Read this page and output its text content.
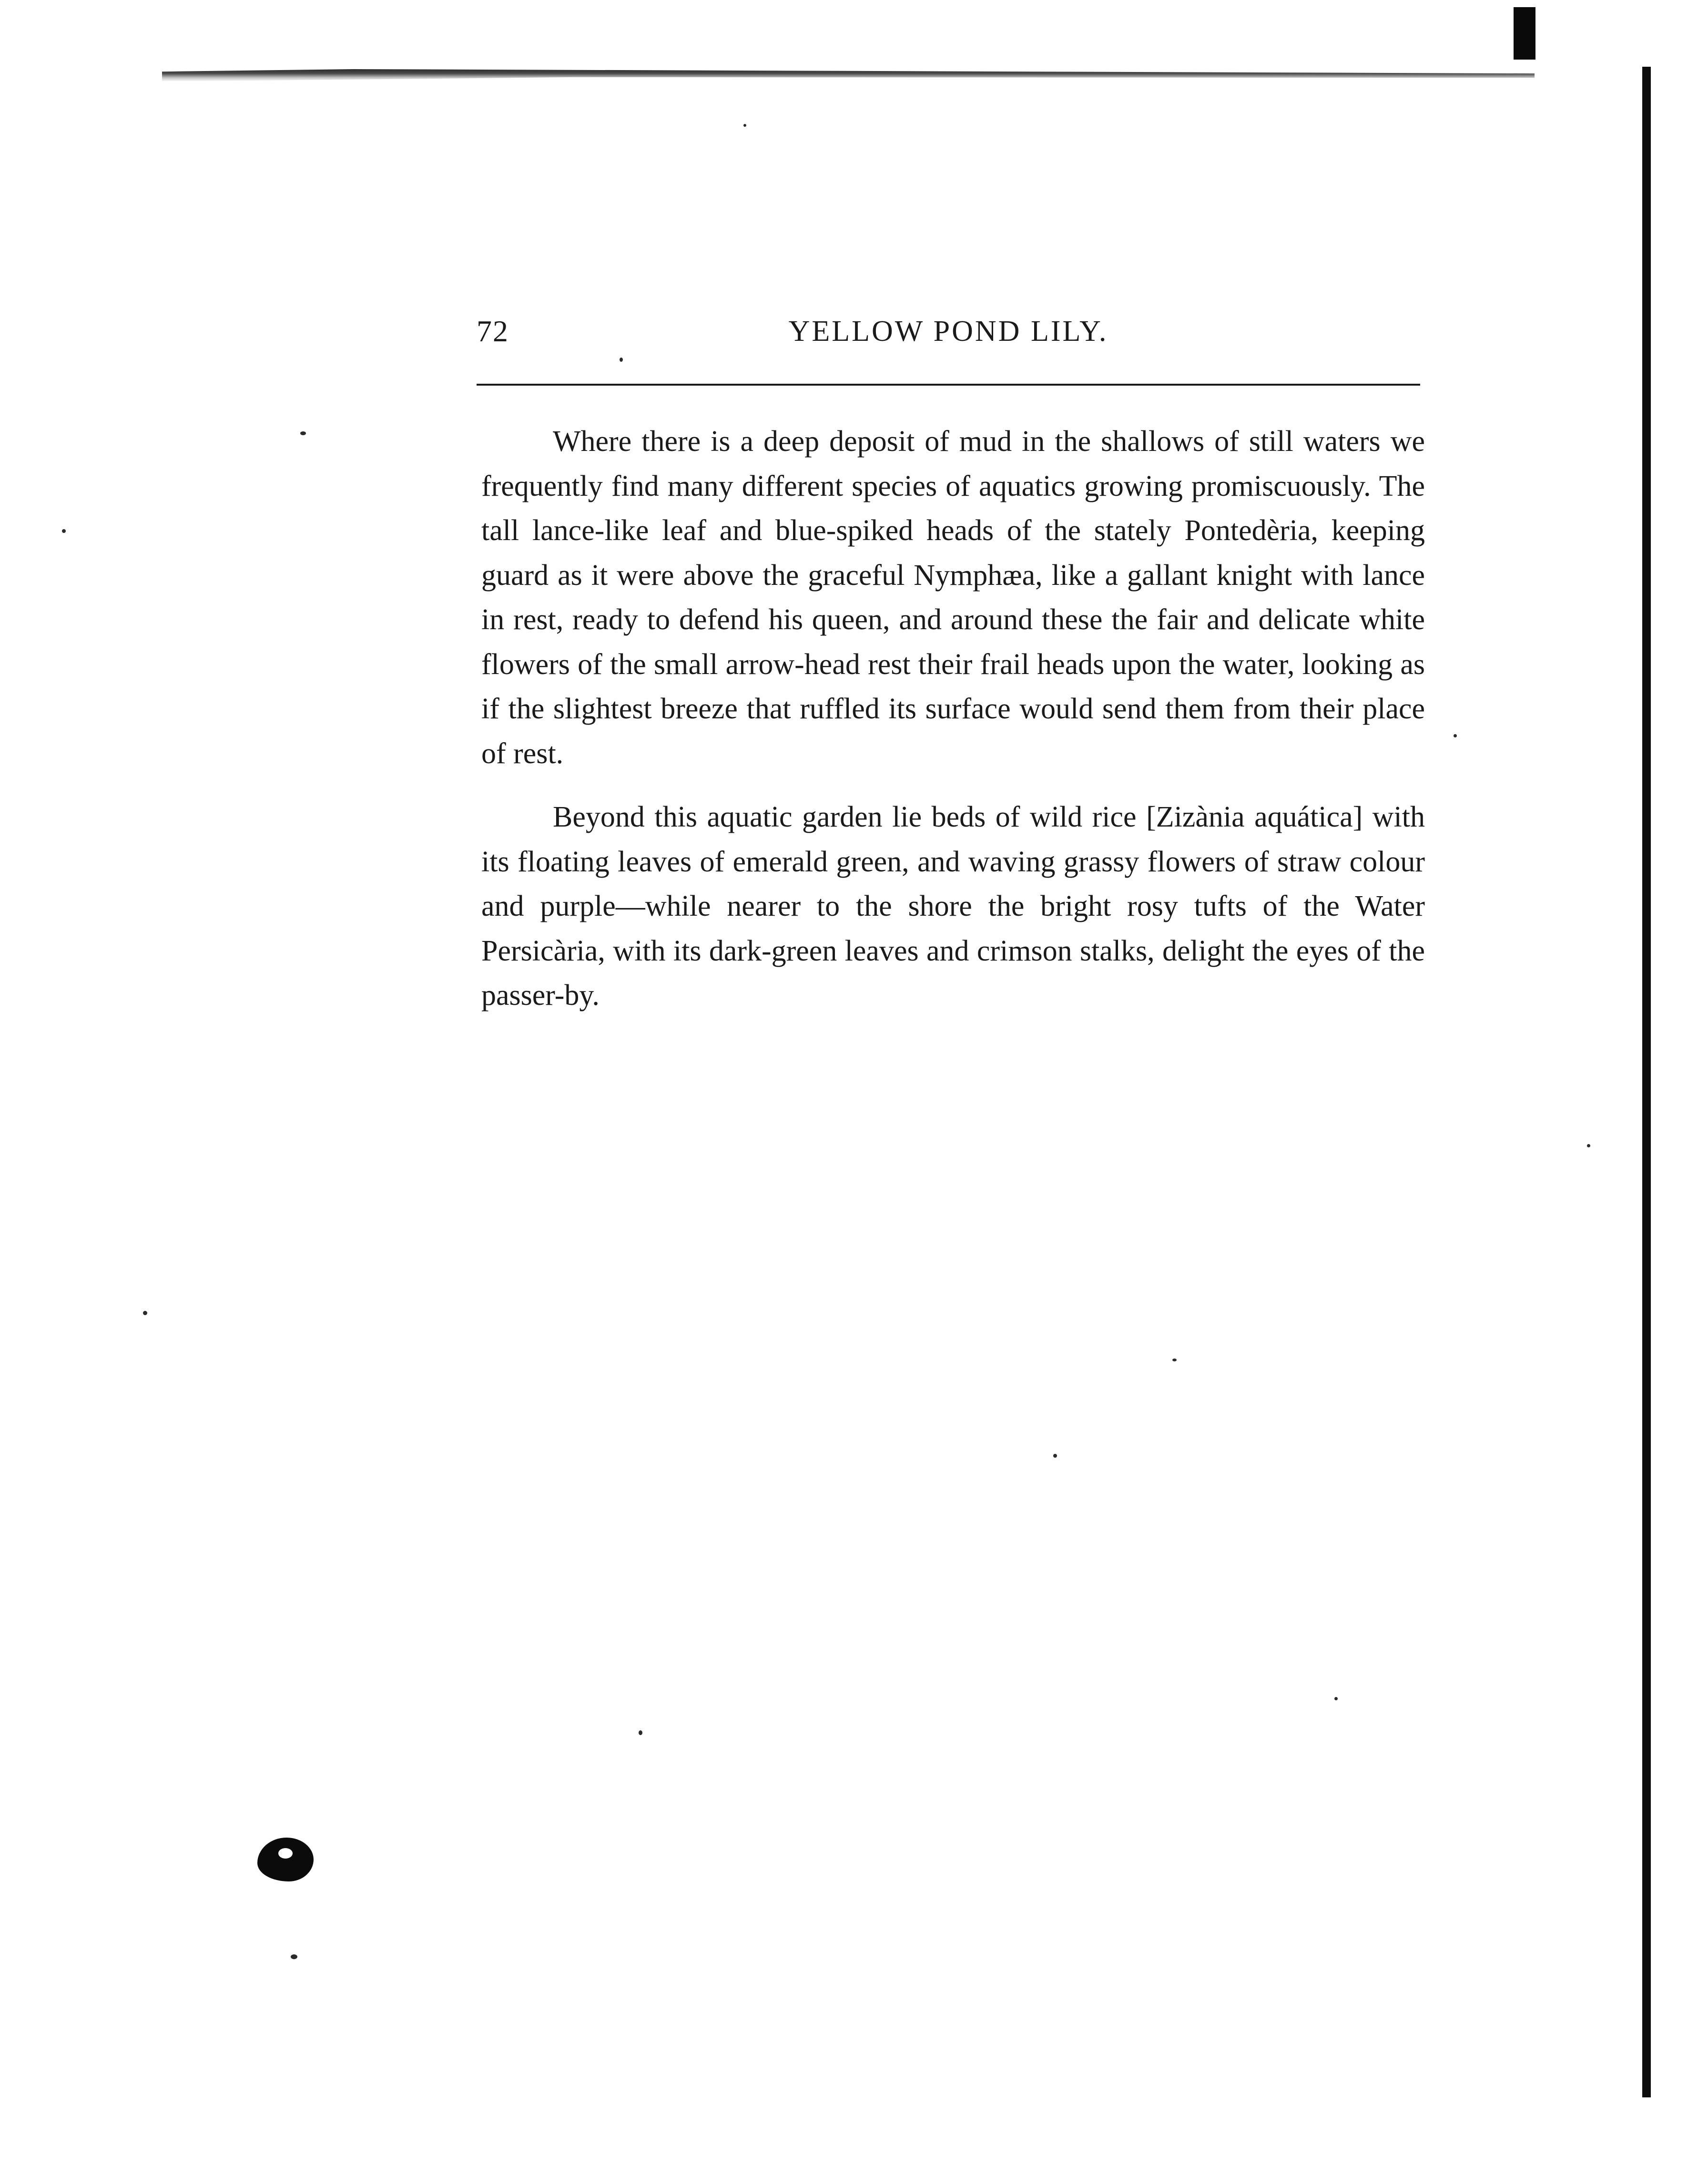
72	YELLOW POND LILY.

Where there is a deep deposit of mud in the shallows of still waters we frequently find many different species of aquatics growing promiscuously. The tall lance-like leaf and blue-spiked heads of the stately Pontedèria, keeping guard as it were above the graceful Nymphæa, like a gallant knight with lance in rest, ready to defend his queen, and around these the fair and delicate white flowers of the small arrow-head rest their frail heads upon the water, looking as if the slightest breeze that ruffled its surface would send them from their place of rest.

Beyond this aquatic garden lie beds of wild rice [Zizània aquática] with its floating leaves of emerald green, and waving grassy flowers of straw colour and purple—while nearer to the shore the bright rosy tufts of the Water Persicària, with its dark-green leaves and crimson stalks, delight the eyes of the passer-by.
